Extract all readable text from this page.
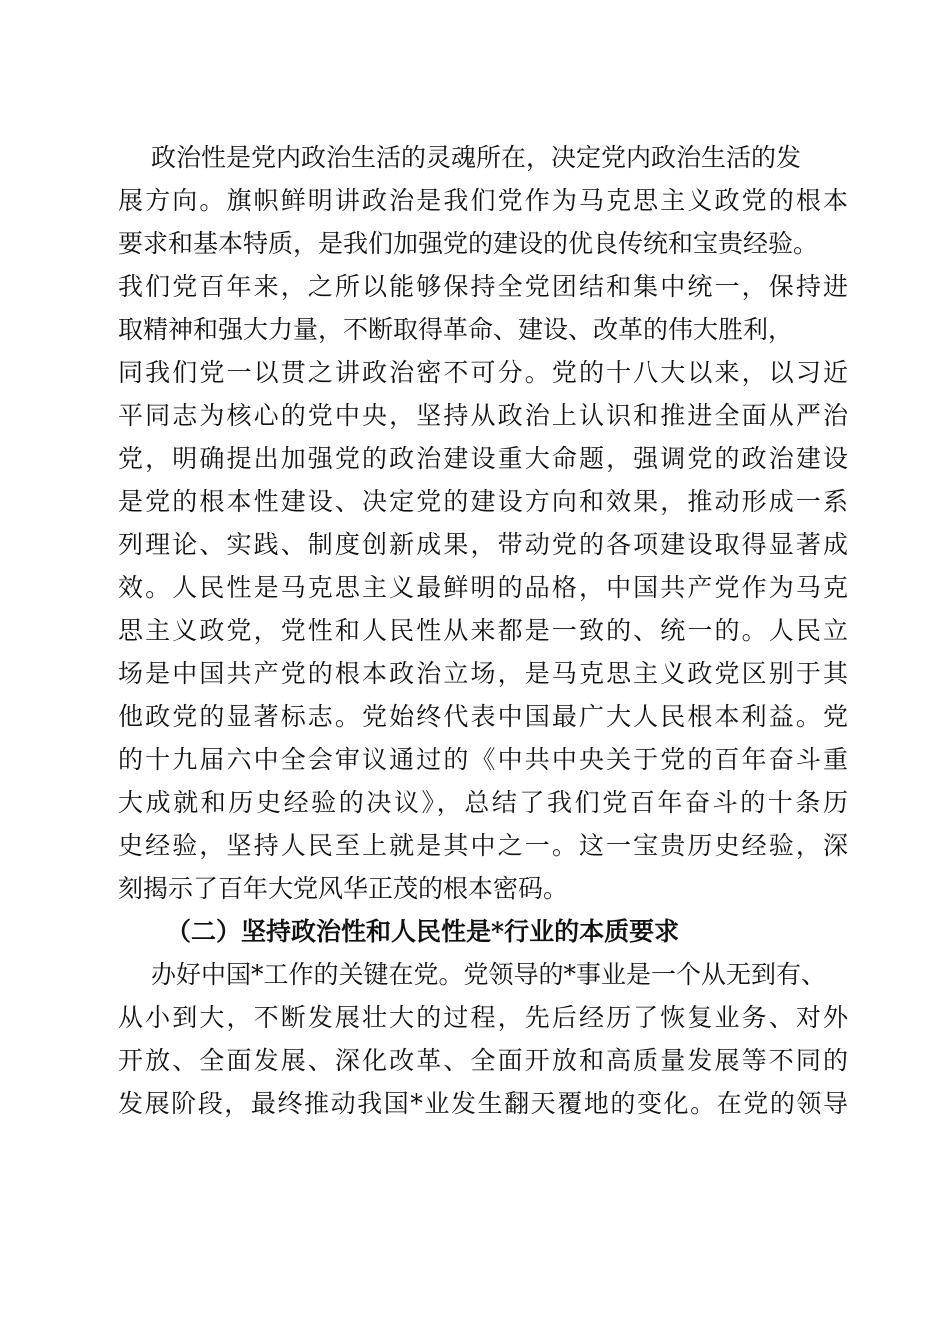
政治性是党内政治生活的灵魂所在，决定党内政治生活的发
展方向。旗帜鲜明讲政治是我们党作为马克思主义政党的根本
要求和基本特质，是我们加强党的建设的优良传统和宝贵经验。
我们党百年来，之所以能够保持全党团结和集中统一，保持进
取精神和强大力量，不断取得革命、建设、改革的伟大胜利，
同我们党一以贯之讲政治密不可分。党的十八大以来，以习近
平同志为核心的党中央，坚持从政治上认识和推进全面从严治
党，明确提出加强党的政治建设重大命题，强调党的政治建设
是党的根本性建设、决定党的建设方向和效果，推动形成一系
列理论、实践、制度创新成果，带动党的各项建设取得显著成
效。人民性是马克思主义最鲜明的品格，中国共产党作为马克
思主义政党，党性和人民性从来都是一致的、统一的。人民立
场是中国共产党的根本政治立场，是马克思主义政党区别于其
他政党的显著标志。党始终代表中国最广大人民根本利益。党
的十九届六中全会审议通过的《中共中央关于党的百年奋斗重
大成就和历史经验的决议》，总结了我们党百年奋斗的十条历
史经验，坚持人民至上就是其中之一。这一宝贵历史经验，深
刻揭示了百年大党风华正茂的根本密码。
（二）坚持政治性和人民性是*行业的本质要求
办好中国*工作的关键在党。党领导的*事业是一个从无到有、
从小到大，不断发展壮大的过程，先后经历了恢复业务、对外
开放、全面发展、深化改革、全面开放和高质量发展等不同的
发展阶段，最终推动我国*业发生翻天覆地的变化。在党的领导
